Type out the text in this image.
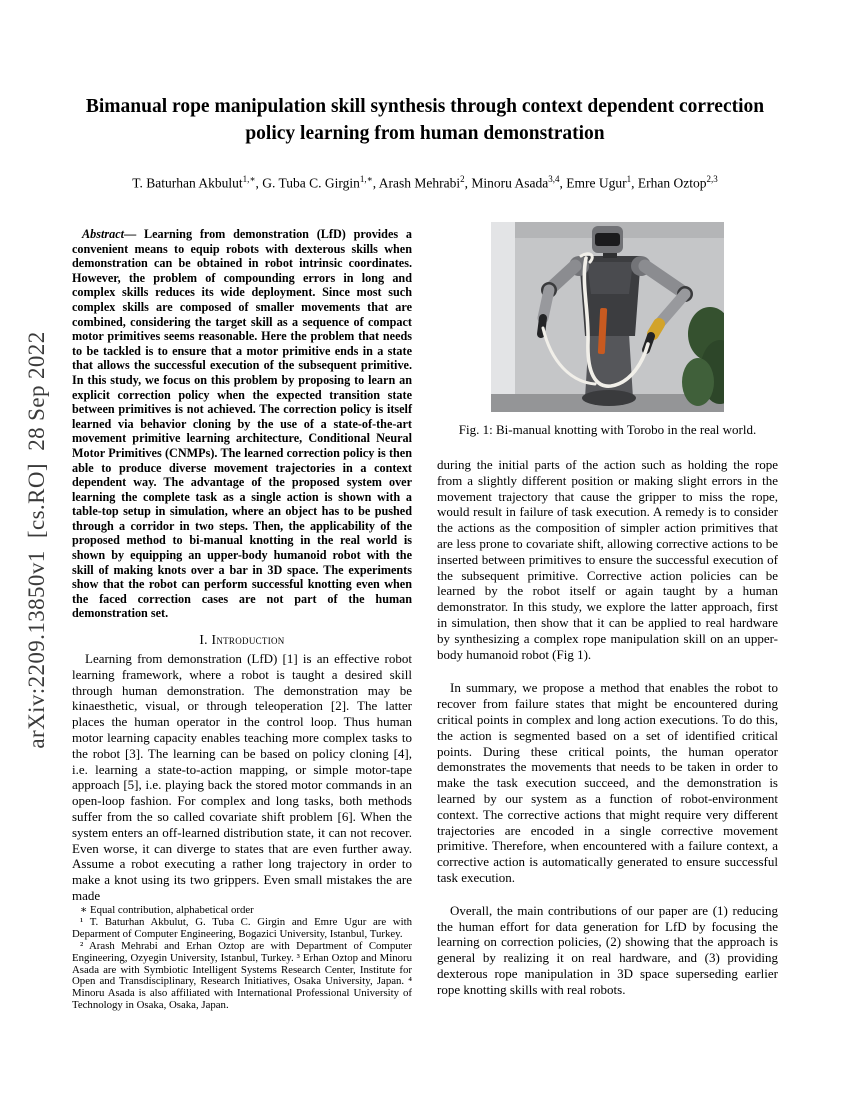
arXiv:2209.13850v1  [cs.RO]  28 Sep 2022
Bimanual rope manipulation skill synthesis through context dependent correction policy learning from human demonstration
T. Baturhan Akbulut$^{1,∗}$, G. Tuba C. Girgin$^{1,∗}$, Arash Mehrabi$^2$, Minoru Asada$^{3,4}$, Emre Ugur$^1$, Erhan Oztop$^{2,3}$

Abstract— Learning from demonstration (LfD) provides a convenient means to equip robots with dexterous skills when demonstration can be obtained in robot intrinsic coordinates. However, the problem of compounding errors in long and complex skills reduces its wide deployment. Since most such complex skills are composed of smaller movements that are combined, considering the target skill as a sequence of compact motor primitives seems reasonable. Here the problem that needs to be tackled is to ensure that a motor primitive ends in a state that allows the successful execution of the subsequent primitive. In this study, we focus on this problem by proposing to learn an explicit correction policy when the expected transition state between primitives is not achieved. The correction policy is itself learned via behavior cloning by the use of a state-of-the-art movement primitive learning architecture, Conditional Neural Motor Primitives (CNMPs). The learned correction policy is then able to produce diverse movement trajectories in a context dependent way. The advantage of the proposed system over learning the complete task as a single action is shown with a table-top setup in simulation, where an object has to be pushed through a corridor in two steps. Then, the applicability of the proposed method to bi-manual knotting in the real world is shown by equipping an upper-body humanoid robot with the skill of making knots over a bar in 3D space. The experiments show that the robot can perform successful knotting even when the faced correction cases are not part of the human demonstration set.

I. Introduction

Learning from demonstration (LfD) [1] is an effective robot learning framework, where a robot is taught a desired skill through human demonstration. The demonstration may be kinaesthetic, visual, or through teleoperation [2]. The latter places the human operator in the control loop. Thus human motor learning capacity enables teaching more complex tasks to the robot [3]. The learning can be based on policy cloning [4], i.e. learning a state-to-action mapping, or simple motor-tape approach [5], i.e. playing back the stored motor commands in an open-loop fashion. For complex and long tasks, both methods suffer from the so called covariate shift problem [6]. When the system enters an off-learned distribution state, it can not recover. Even worse, it can diverge to states that are even further away. Assume a robot executing a rather long trajectory in order to make a knot using its two grippers. Even small mistakes the are made

∗ Equal contribution, alphabetical order

¹ T. Baturhan Akbulut, G. Tuba C. Girgin and Emre Ugur are with Deparment of Computer Engineering, Bogazici University, Istanbul, Turkey.

² Arash Mehrabi and Erhan Oztop are with Department of Computer Engineering, Ozyegin University, Istanbul, Turkey. ³ Erhan Oztop and Minoru Asada are with Symbiotic Intelligent Systems Research Center, Institute for Open and Transdisciplinary, Research Initiatives, Osaka University, Japan. ⁴ Minoru Asada is also affiliated with International Professional University of Technology in Osaka, Osaka, Japan.

Fig. 1: Bi-manual knotting with Torobo in the real world.

during the initial parts of the action such as holding the rope from a slightly different position or making slight errors in the movement trajectory that cause the gripper to miss the rope, would result in failure of task execution. A remedy is to consider the actions as the composition of simpler action primitives that are less prone to covariate shift, allowing corrective actions to be inserted between primitives to ensure the successful execution of the subsequent primitive. Corrective action policies can be learned by the robot itself or again taught by a human demonstrator. In this study, we explore the latter approach, first in simulation, then show that it can be applied to real hardware by synthesizing a complex rope manipulation skill on an upper-body humanoid robot (Fig 1).

In summary, we propose a method that enables the robot to recover from failure states that might be encountered during critical points in complex and long action executions. To do this, the action is segmented based on a set of identified critical points. During these critical points, the human operator demonstrates the movements that needs to be taken in order to make the task execution succeed, and the demonstration is learned by our system as a function of robot-environment context. The corrective actions that might require very different trajectories are encoded in a single corrective movement primitive. Therefore, when encountered with a failure context, a corrective action is automatically generated to ensure successful task execution.

Overall, the main contributions of our paper are (1) reducing the human effort for data generation for LfD by focusing the learning on correction policies, (2) showing that the approach is general by realizing it on real hardware, and (3) providing dexterous rope manipulation in 3D space superseding earlier rope knotting skills with real robots.
